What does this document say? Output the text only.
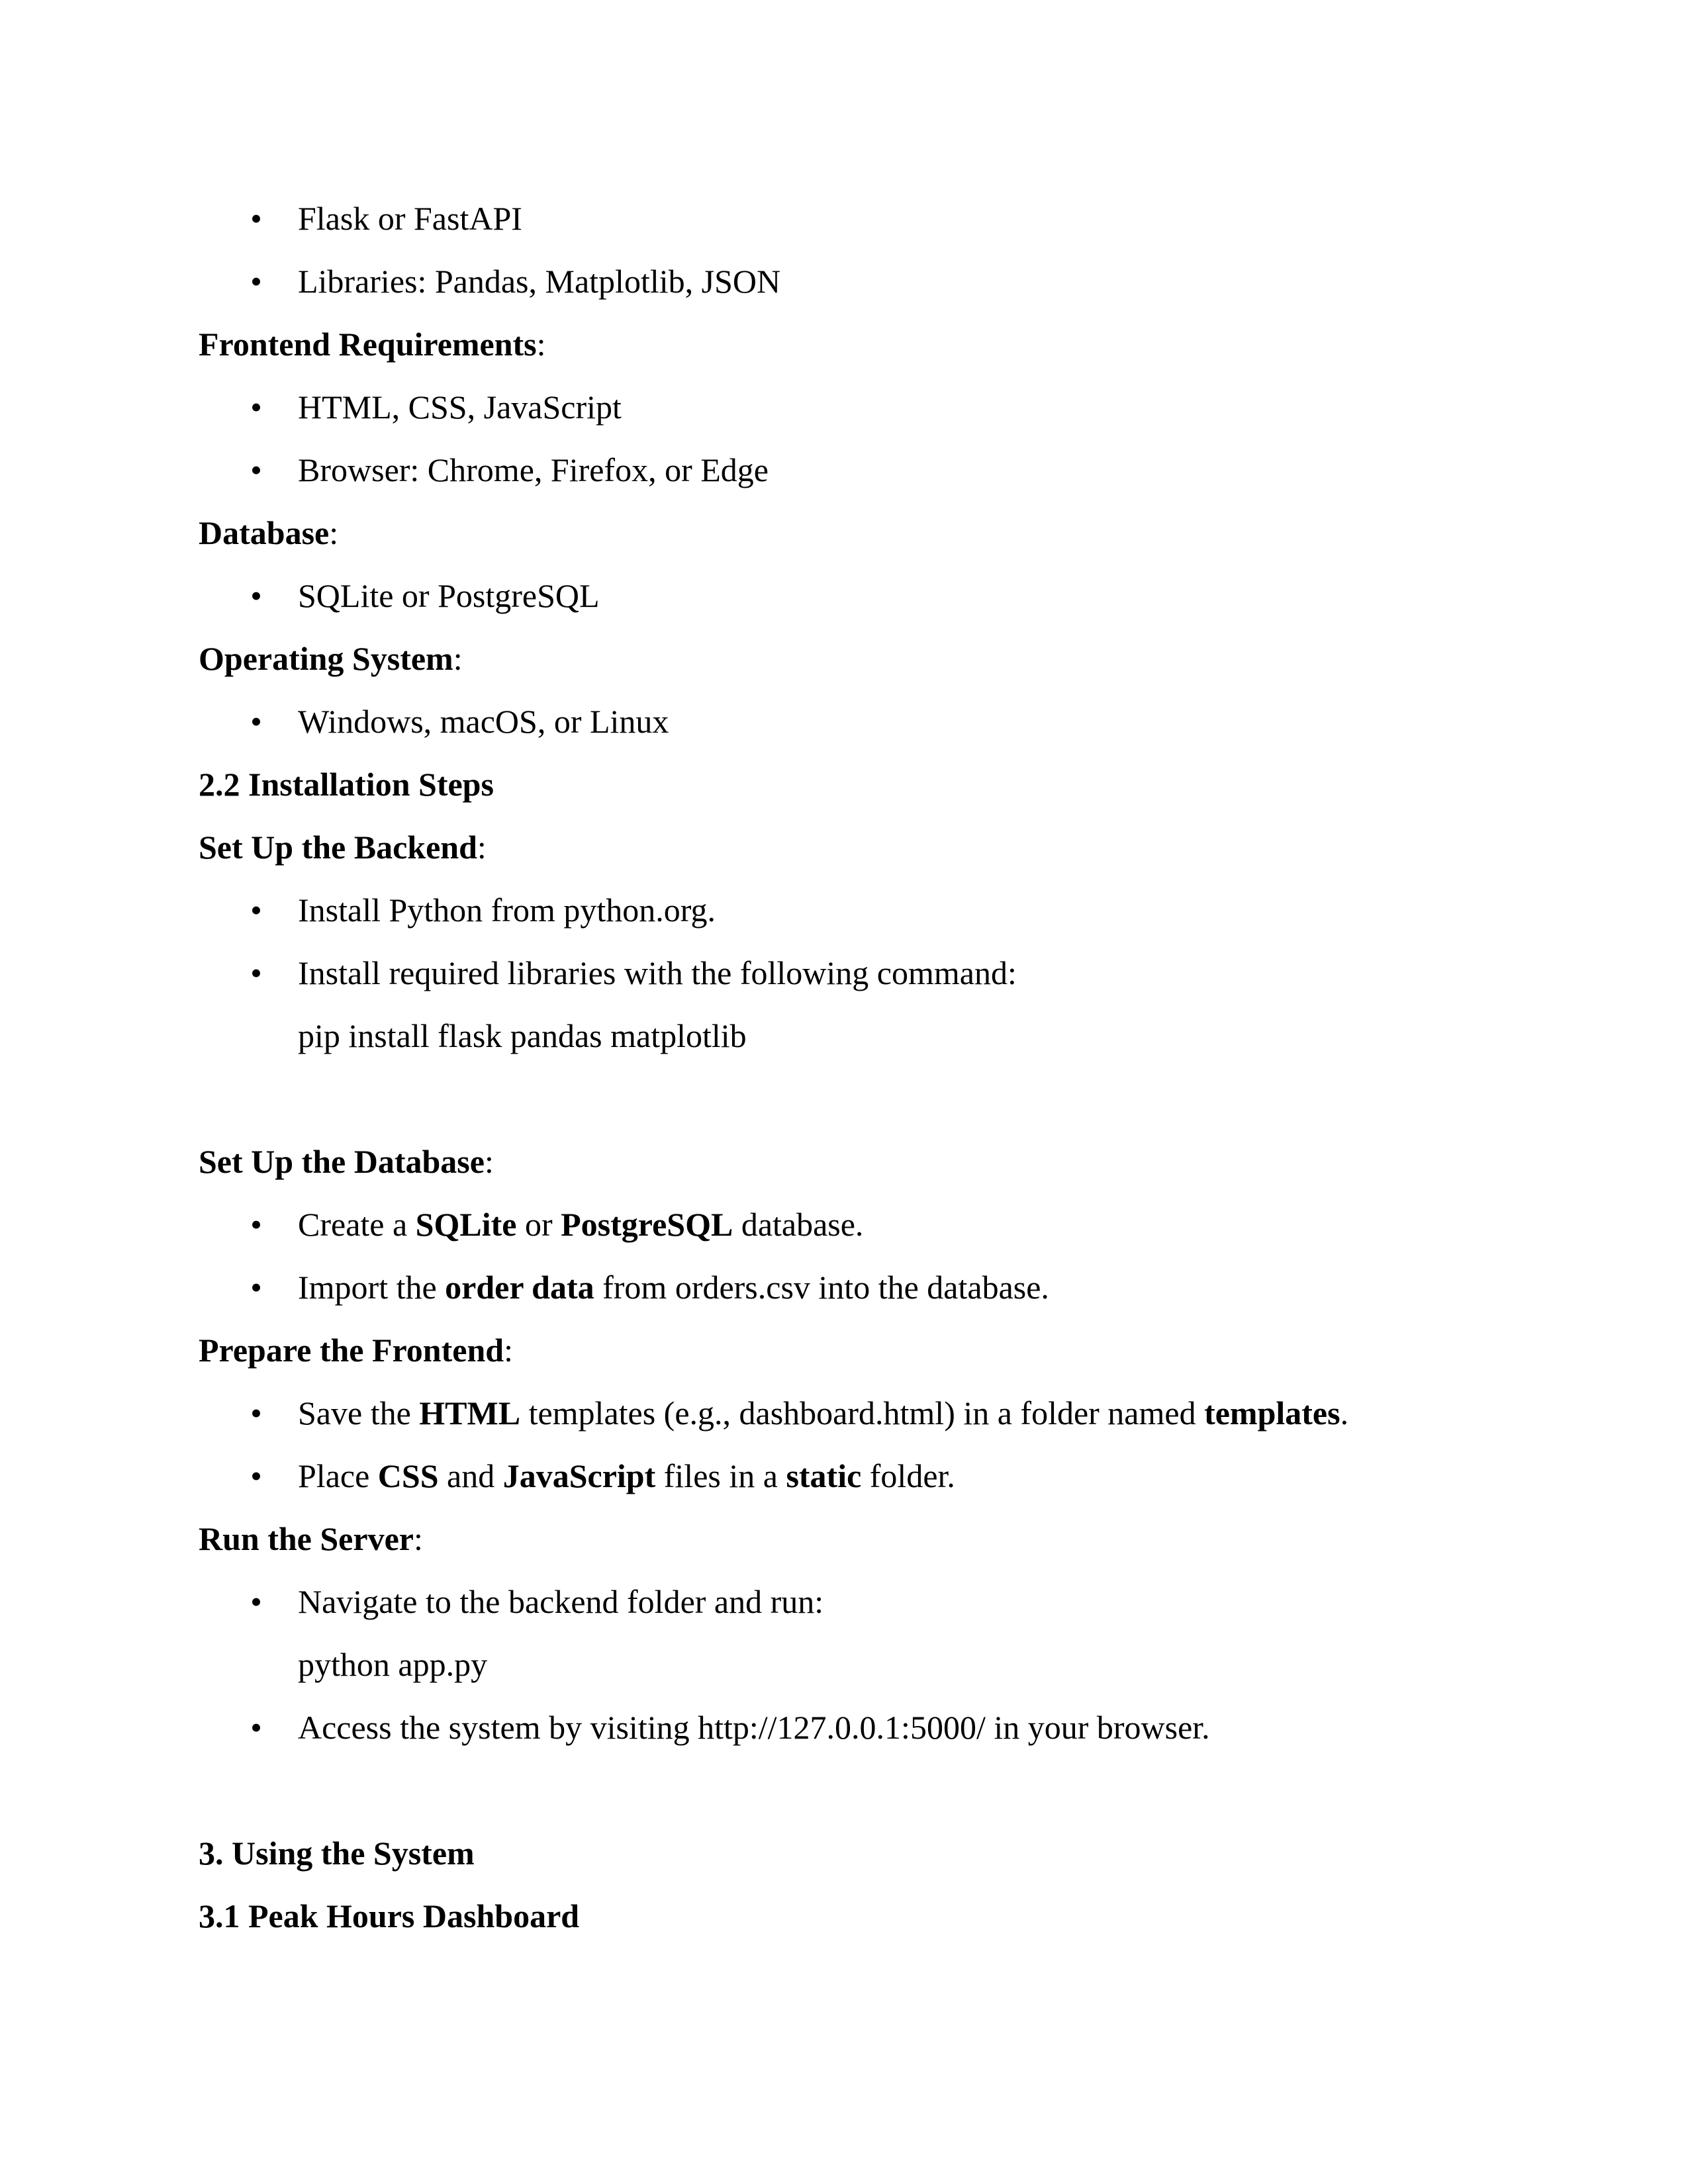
• Flask or FastAPI
• Libraries: Pandas, Matplotlib, JSON
Frontend Requirements:
• HTML, CSS, JavaScript
• Browser: Chrome, Firefox, or Edge
Database:
• SQLite or PostgreSQL
Operating System:
• Windows, macOS, or Linux
2.2 Installation Steps
Set Up the Backend:
• Install Python from python.org.
• Install required libraries with the following command:
pip install flask pandas matplotlib
Set Up the Database:
• Create a SQLite or PostgreSQL database.
• Import the order data from orders.csv into the database.
Prepare the Frontend:
• Save the HTML templates (e.g., dashboard.html) in a folder named templates.
• Place CSS and JavaScript files in a static folder.
Run the Server:
• Navigate to the backend folder and run:
python app.py
• Access the system by visiting http://127.0.0.1:5000/ in your browser.
3. Using the System
3.1 Peak Hours Dashboard
